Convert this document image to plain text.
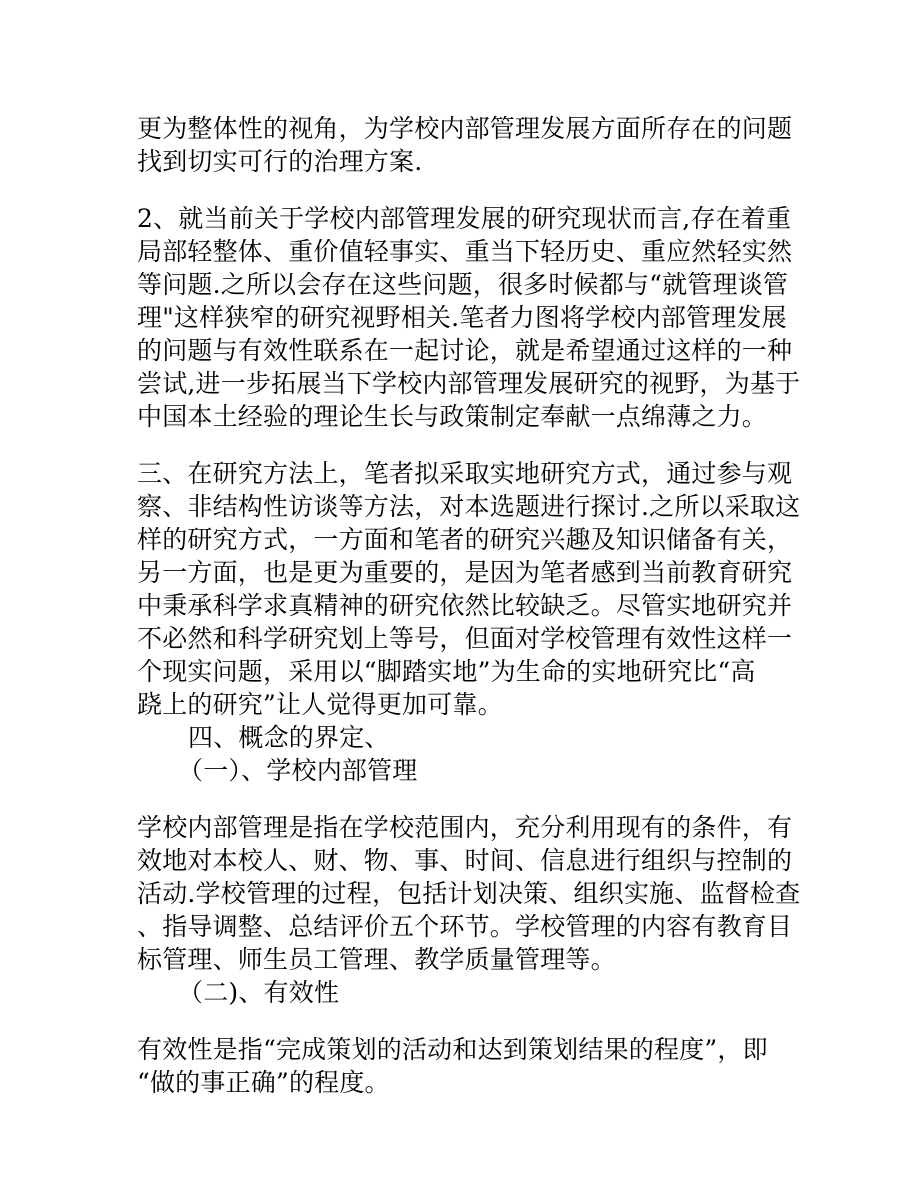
更为整体性的视角，为学校内部管理发展方面所存在的问题
找到切实可行的治理方案.
2、就当前关于学校内部管理发展的研究现状而言,存在着重
局部轻整体、重价值轻事实、重当下轻历史、重应然轻实然
等问题.之所以会存在这些问题，很多时候都与“就管理谈管
理"这样狭窄的研究视野相关.笔者力图将学校内部管理发展
的问题与有效性联系在一起讨论，就是希望通过这样的一种
尝试,进一步拓展当下学校内部管理发展研究的视野，为基于
中国本土经验的理论生长与政策制定奉献一点绵薄之力。
三、在研究方法上，笔者拟采取实地研究方式，通过参与观
察、非结构性访谈等方法，对本选题进行探讨.之所以采取这
样的研究方式，一方面和笔者的研究兴趣及知识储备有关，
另一方面，也是更为重要的，是因为笔者感到当前教育研究
中秉承科学求真精神的研究依然比较缺乏。尽管实地研究并
不必然和科学研究划上等号，但面对学校管理有效性这样一
个现实问题，采用以“脚踏实地”为生命的实地研究比“高
跷上的研究”让人觉得更加可靠。
四、概念的界定、
（一）、学校内部管理
学校内部管理是指在学校范围内，充分利用现有的条件，有
效地对本校人、财、物、事、时间、信息进行组织与控制的
活动.学校管理的过程，包括计划决策、组织实施、监督检查
、指导调整、总结评价五个环节。学校管理的内容有教育目
标管理、师生员工管理、教学质量管理等。
（二)、有效性
有效性是指“完成策划的活动和达到策划结果的程度”，即
“做的事正确”的程度。
